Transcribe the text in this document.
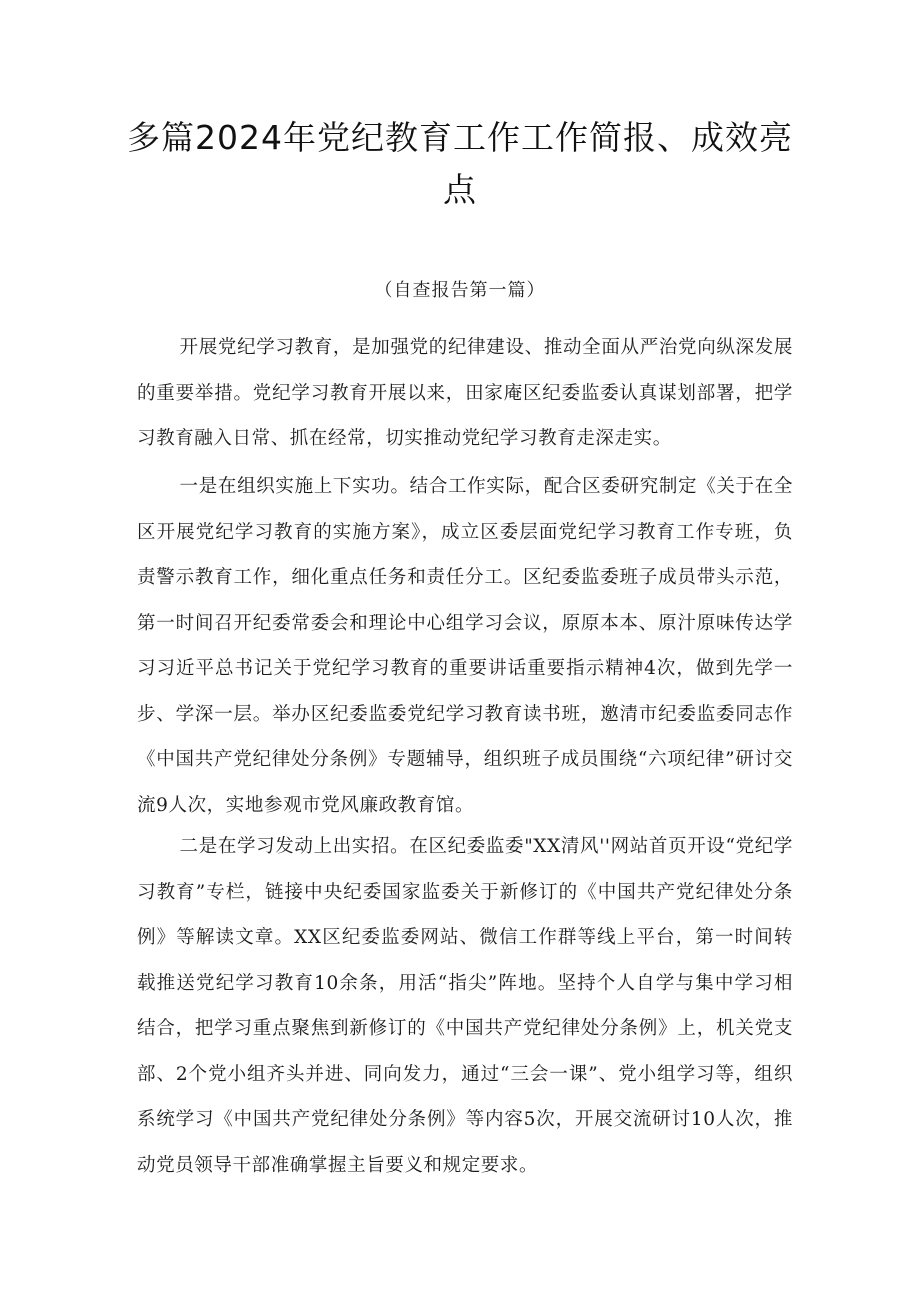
多篇2024年党纪教育工作工作简报、成效亮点

（自查报告第一篇）

开展党纪学习教育，是加强党的纪律建设、推动全面从严治党向纵深发展的重要举措。党纪学习教育开展以来，田家庵区纪委监委认真谋划部署，把学习教育融入日常、抓在经常，切实推动党纪学习教育走深走实。

一是在组织实施上下实功。结合工作实际，配合区委研究制定《关于在全区开展党纪学习教育的实施方案》，成立区委层面党纪学习教育工作专班，负责警示教育工作，细化重点任务和责任分工。区纪委监委班子成员带头示范，第一时间召开纪委常委会和理论中心组学习会议，原原本本、原汁原味传达学习习近平总书记关于党纪学习教育的重要讲话重要指示精神4次，做到先学一步、学深一层。举办区纪委监委党纪学习教育读书班，邀清市纪委监委同志作《中国共产党纪律处分条例》专题辅导，组织班子成员围绕“六项纪律”研讨交流9人次，实地参观市党风廉政教育馆。

二是在学习发动上出实招。在区纪委监委"XX清风''网站首页开设“党纪学习教育”专栏，链接中央纪委国家监委关于新修订的《中国共产党纪律处分条例》等解读文章。XX区纪委监委网站、微信工作群等线上平台，第一时间转载推送党纪学习教育10余条，用活“指尖”阵地。坚持个人自学与集中学习相结合，把学习重点聚焦到新修订的《中国共产党纪律处分条例》上，机关党支部、2个党小组齐头并进、同向发力，通过“三会一课”、党小组学习等，组织系统学习《中国共产党纪律处分条例》等内容5次，开展交流研讨10人次，推动党员领导干部准确掌握主旨要义和规定要求。
